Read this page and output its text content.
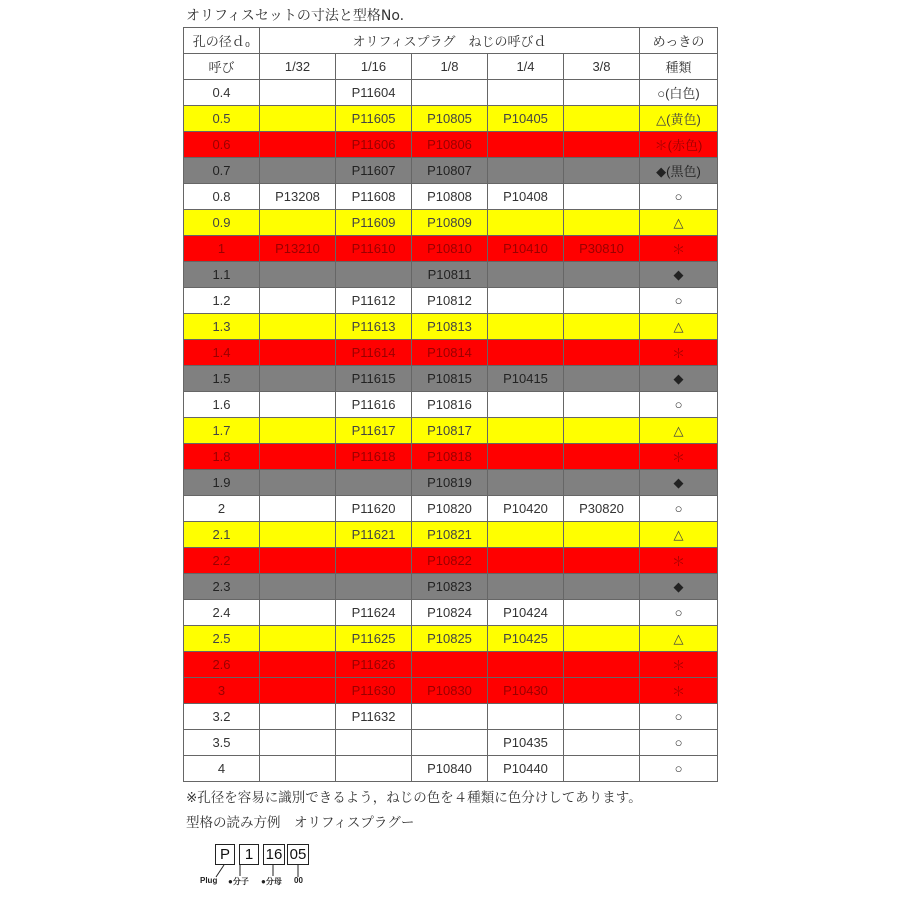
オリフィスセットの寸法と型格No.
孔の径ｄ₀	オリフィスプラグ　ねじの呼びｄ					めっきの
呼び	1/32	1/16	1/8	1/4	3/8	種類
0.4		P11604				○(白色)
0.5		P11605	P10805	P10405		△(黄色)
0.6		P11606	P10806			＊(赤色)
0.7		P11607	P10807			◆(黒色)
0.8	P13208	P11608	P10808	P10408		○
0.9		P11609	P10809			△
1	P13210	P11610	P10810	P10410	P30810	＊
1.1			P10811			◆
1.2		P11612	P10812			○
1.3		P11613	P10813			△
1.4		P11614	P10814			＊
1.5		P11615	P10815	P10415		◆
1.6		P11616	P10816			○
1.7		P11617	P10817			△
1.8		P11618	P10818			＊
1.9			P10819			◆
2		P11620	P10820	P10420	P30820	○
2.1		P11621	P10821			△
2.2			P10822			＊
2.3			P10823			◆
2.4		P11624	P10824	P10424		○
2.5		P11625	P10825	P10425		△
2.6		P11626				＊
3		P11630	P10830	P10430		＊
3.2		P11632				○
3.5				P10435		○
4			P10840	P10440		○
※孔径を容易に識別できるよう，ねじの色を４種類に色分けしてあります。
型格の読み方例　オリフィスプラグー
P 1 16 05
Plug ●分子 ●分母 00
